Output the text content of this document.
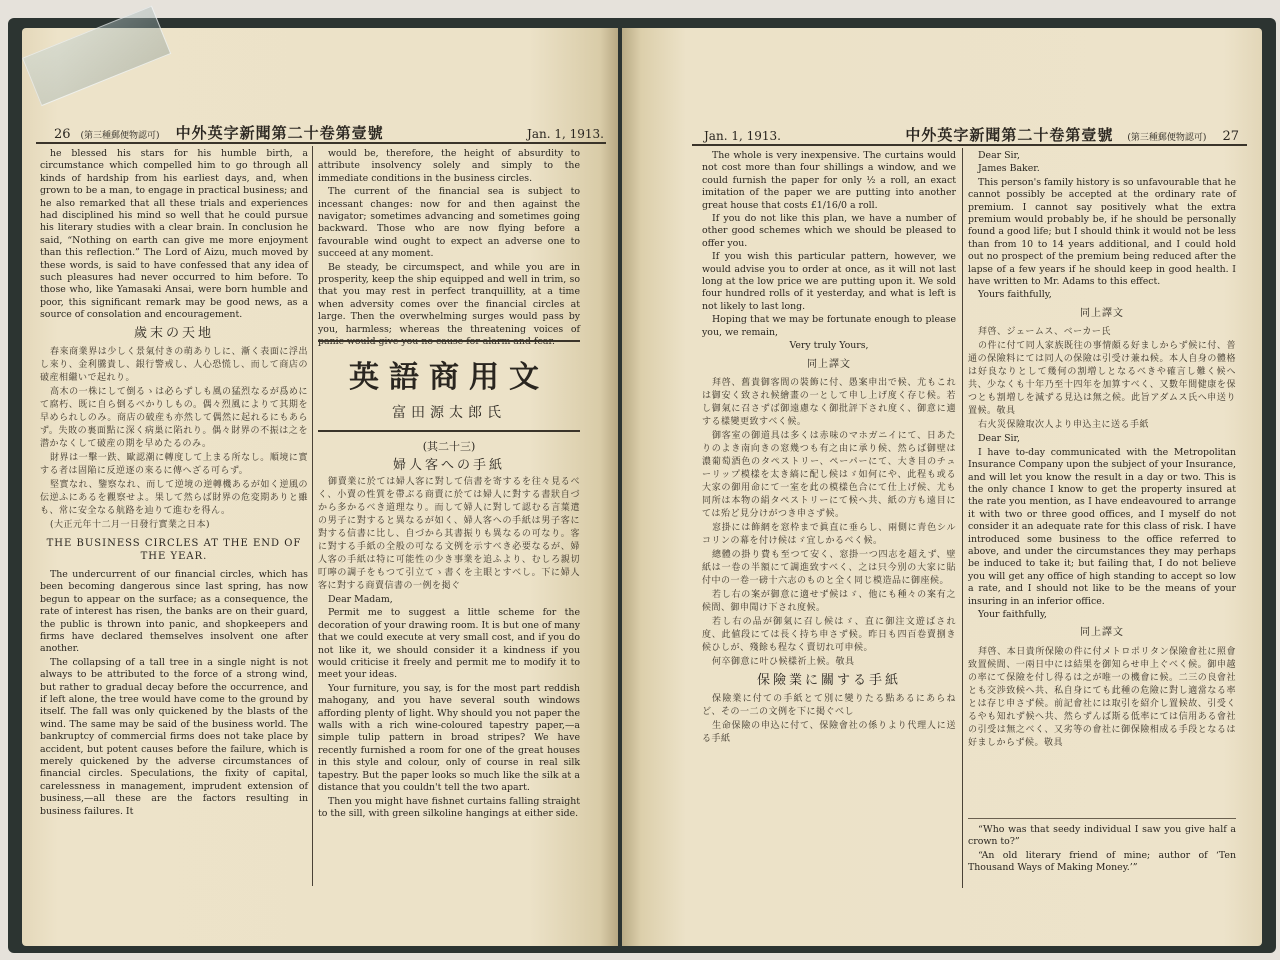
26 (第三種郵便物認可) 中外英字新聞第二十卷第壹號	Jan. 1, 1913.

he blessed his stars for his humble birth, a circumstance which compelled him to go through all kinds of hardship from his earliest days, and, when grown to be a man, to engage in practical business; and he also remarked that all these trials and experiences had disciplined his mind so well that he could pursue his literary studies with a clear brain. In conclusion he said, “Nothing on earth can give me more enjoyment than this reflection.” The Lord of Aizu, much moved by these words, is said to have confessed that any idea of such pleasures had never occurred to him before. To those who, like Yamasaki Ansai, were born humble and poor, this significant remark may be good news, as a source of consolation and encouragement.

歲末の天地

春來商業界は少しく景氣付きの萌ありしに、漸く表面に浮出し來り、金利騰貴し、銀行警戒し、人心恐慌し、而して商店の破産相繼いで起れり。

高木の一株にして倒るゝは必らずしも風の猛烈なるが爲めにて腐朽、既に自ら倒るべかりしもの。偶々烈風によりて其期を早められしのみ。商店の破産も亦然して偶然に起れるにもあらず。失敗の裏面點に深く病巣に陷れり。偶々財界の不振は之を潜かなくして破産の期を早めたるのみ。

財界は一擊一跌、歐認潮に轉度して上まる所なし。順境に實する者は固陥に反逆逐の來るに傳へざる可らず。

堅實なれ、鑒察なれ、而して逆境の逆轉機あるが如く逆風の伝逆ふにあるを觀察せよ。果して然らば財界の危変期ありと雖も、常に安全なる航路を辿りて進むを得ん。

(大正元年十二月一日發行實業之日本)

THE BUSINESS CIRCLES AT THE END OF THE YEAR.

The undercurrent of our financial circles, which has been becoming dangerous since last spring, has now begun to appear on the surface; as a consequence, the rate of interest has risen, the banks are on their guard, the public is thrown into panic, and shopkeepers and firms have declared themselves insolvent one after another.

The collapsing of a tall tree in a single night is not always to be attributed to the force of a strong wind, but rather to gradual decay before the occurrence, and if left alone, the tree would have come to the ground by itself. The fall was only quickened by the blasts of the wind. The same may be said of the business world. The bankruptcy of commercial firms does not take place by accident, but potent causes before the failure, which is merely quickened by the adverse circumstances of financial circles. Speculations, the fixity of capital, carelessness in management, imprudent extension of business,—all these are the factors resulting in business failures. It

would be, therefore, the height of absurdity to attribute insolvency solely and simply to the immediate conditions in the business circles.

The current of the financial sea is subject to incessant changes: now for and then against the navigator; sometimes advancing and sometimes going backward. Those who are now flying before a favourable wind ought to expect an adverse one to succeed at any moment.

Be steady, be circumspect, and while you are in prosperity, keep the ship equipped and well in trim, so that you may rest in perfect tranquillity, at a time when adversity comes over the financial circles at large. Then the overwhelming surges would pass by you, harmless; whereas the threatening voices of panic would give you no cause for alarm and fear.

英語商用文
富田源太郎氏
(其二十三)
婦人客への手紙

御賣業に於ては婦人客に對して信書を寄するを往々見るべく、小賣の性質を帶ぶる商賣に於ては婦人に對する書狀自づから多かるべき道理なり。而して婦人に對して認むる言葉遣の男子に對すると異なるが如く、婦人客への手紙は男子客に對する信書に比し、自づから其書振りも異なるの可なり。客に對する手紙の全般の可なる文例を示すべき必要なるが、婦人客の手紙は特に可能性の少き事業を追ふより、むしろ親切叮嚀の調子をもつて引立てゝ書くを主眼とすべし。下に婦人客に對する商賣信書の一例を掲ぐ

Dear Madam,

Permit me to suggest a little scheme for the decoration of your drawing room. It is but one of many that we could execute at very small cost, and if you do not like it, we should consider it a kindness if you would criticise it freely and permit me to modify it to meet your ideas.

Your furniture, you say, is for the most part reddish mahogany, and you have several south windows affording plenty of light. Why should you not paper the walls with a rich wine-coloured tapestry paper,—a simple tulip pattern in broad stripes? We have recently furnished a room for one of the great houses in this style and colour, only of course in real silk tapestry. But the paper looks so much like the silk at a distance that you couldn't tell the two apart.

Then you might have fishnet curtains falling straight to the sill, with green silkoline hangings at either side.

Jan. 1, 1913.	中外英字新聞第二十卷第壹號 (第三種郵便物認可) 27

The whole is very inexpensive. The curtains would not cost more than four shillings a window, and we could furnish the paper for only ½ a roll, an exact imitation of the paper we are putting into another great house that costs £1/16/0 a roll.

If you do not like this plan, we have a number of other good schemes which we should be pleased to offer you.

If you wish this particular pattern, however, we would advise you to order at once, as it will not last long at the low price we are putting upon it. We sold four hundred rolls of it yesterday, and what is left is not likely to last long.

Hoping that we may be fortunate enough to please you, we remain,

Very truly Yours,

同上譯文

拜啓、舊貴御客間の裝飾に付、愚案申出で候、尤もこれは御安く致され候繪畫の一として申し上げ度く存じ候。若し御氣に召さずば御遠慮なく御批評下され度く、御意に適する樣變更致すべく候。

御客室の御道具は多くは赤味のマホガニイにて、日あたりのよき南向きの窓幾つも有之由に承り候、然らば御壁は濃葡萄酒色のタペストリー、ペーパーにて、大き目のチューリップ模樣を太き縞に配し候はゞ如何にや、此程も或る大家の御用命にて一室を此の模樣色合にて仕上げ候、尤も同所は本物の絹タペストリーにて候へ共、紙の方も遠目にては殆ど見分けがつき申さず候。

窓掛には飾網を窓枠まで眞直に垂らし、兩側に青色シルコリンの幕を付け候はゞ宜しかるべく候。

總體の掛り費も至つて安く、窓掛一つ四志を超えず、壁紙は一卷の半額にて調進致すべく、之は只今別の大家に貼付中の一卷一磅十六志のものと全く同じ模造品に御座候。

若し右の案が御意に適せず候はゞ、他にも種々の案有之候間、御申聞け下され度候。

若し右の品が御氣に召し候はゞ、直に御注文遊ばされ度、此値段にては長く持ち申さず候。昨日も四百卷賣捌き候ひしが、殘餘も程なく賣切れ可申候。

何卒御意に叶ひ候樣祈上候。敬具

保險業に關する手紙

保險業に付ての手紙とて別に變りたる點あるにあらねど、その一二の文例を下に掲ぐべし

生命保險の申込に付て、保險會社の係りより代理人に送る手紙

Dear Sir,

James Baker.

This person's family history is so unfavourable that he cannot possibly be accepted at the ordinary rate of premium. I cannot say positively what the extra premium would probably be, if he should be personally found a good life; but I should think it would not be less than from 10 to 14 years additional, and I could hold out no prospect of the premium being reduced after the lapse of a few years if he should keep in good health. I have written to Mr. Adams to this effect.

Yours faithfully,

同上譯文

拜啓、ジェームス、ベーカー氏

の件に付て同人家族既往の事情頗る好ましからず候に付、普通の保險料にては同人の保險は引受け兼ね候。本人自身の體格は好良なりとして幾何の割増しとなるべきや確言し難く候へ共、少なくも十年乃至十四年を加算すべく、又數年間健康を保つとも割増しを減ずる見込は無之候。此旨アダムス氏へ申送り置候。敬具

右火災保險取次人より申込主に送る手紙

Dear Sir,

I have to-day communicated with the Metropolitan Insurance Company upon the subject of your Insurance, and will let you know the result in a day or two. This is the only chance I know to get the property insured at the rate you mention, as I have endeavoured to arrange it with two or three good offices, and I myself do not consider it an adequate rate for this class of risk. I have introduced some business to the office referred to above, and under the circumstances they may perhaps be induced to take it; but failing that, I do not believe you will get any office of high standing to accept so low a rate, and I should not like to be the means of your insuring in an inferior office.

Your faithfully,

同上譯文

拜啓、本日貴所保險の件に付メトロポリタン保險會社に照會致置候間、一兩日中には結果を御知らせ申上ぐべく候。御申越の率にて保險を付し得るは之が唯一の機會に候。二三の良會社とも交渉致候へ共、私自身にても此種の危險に對し適當なる率とは存じ申さず候。前記會社には取引を紹介し置候故、引受くるやも知れず候へ共、然らずんば斯る低率にては信用ある會社の引受は無之べく、又劣等の會社に御保險相成る手段となるは好ましからず候。敬具

“Who was that seedy individual I saw you give half a crown to?”

“An old literary friend of mine; author of ‘Ten Thousand Ways of Making Money.’”
